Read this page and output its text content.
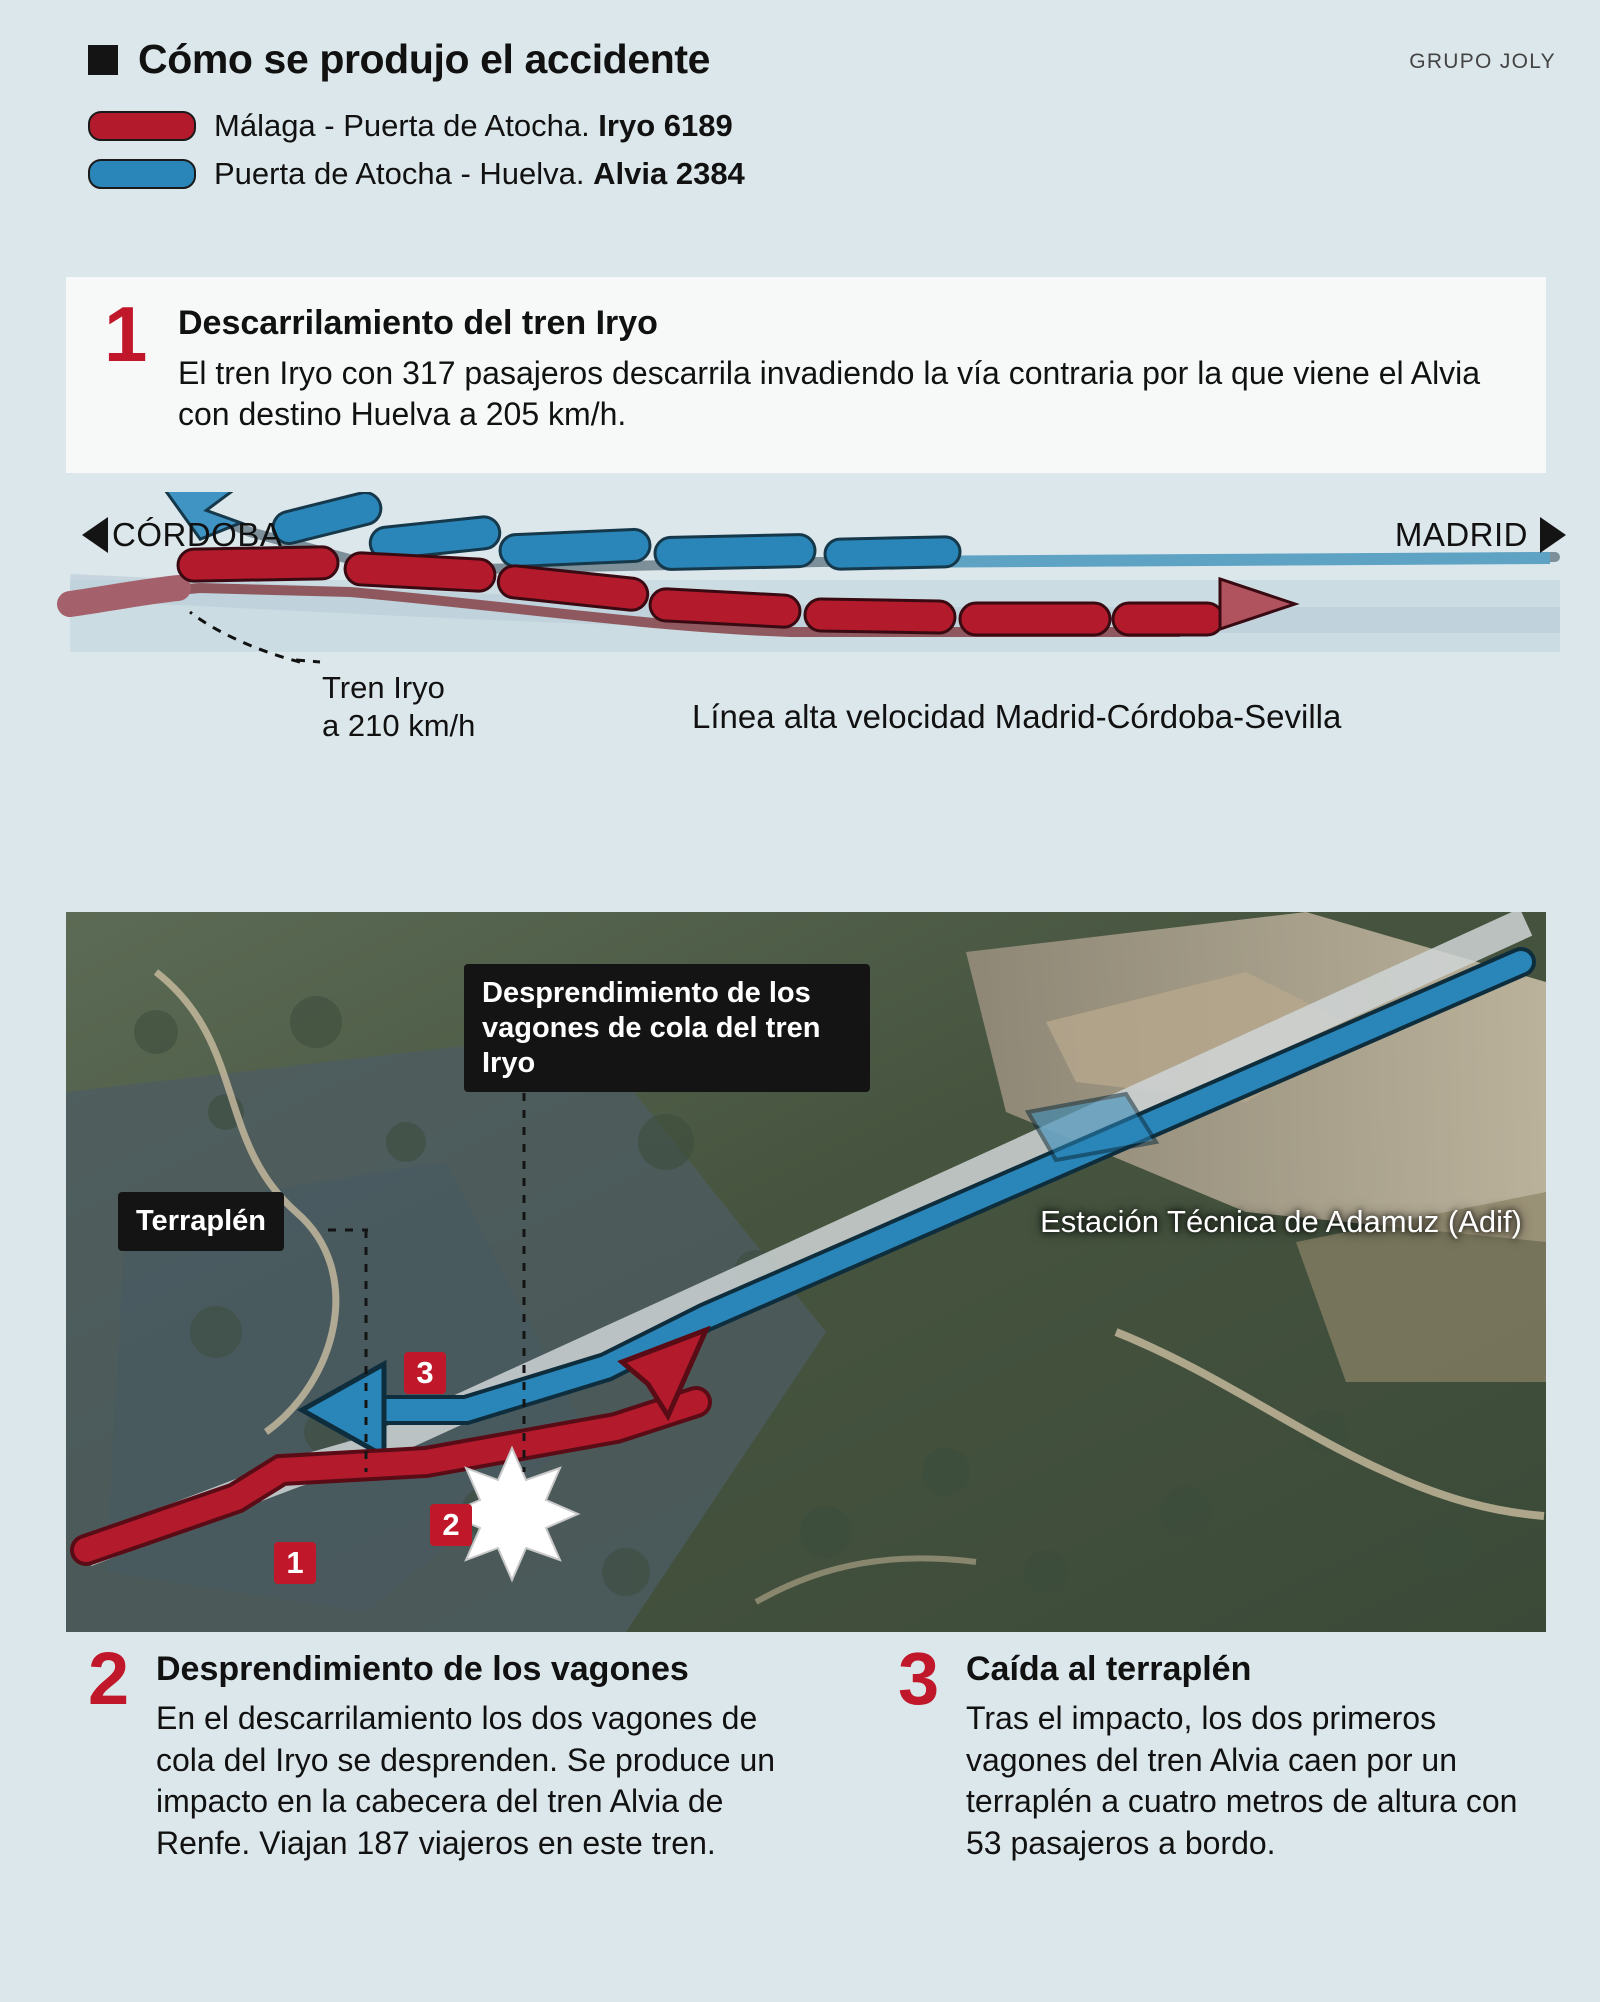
Cómo se produjo el accidente	GRUPO JOLY
Málaga - Puerta de Atocha. Iryo 6189
Puerta de Atocha - Huelva. Alvia 2384
1 Descarrilamiento del tren Iryo
El tren Iryo con 317 pasajeros descarrila invadiendo la vía contraria por la que viene el Alvia con destino Huelva a 205 km/h.
CÓRDOBA	MADRID
Tren Iryo
a 210 km/h	Línea alta velocidad Madrid-Córdoba-Sevilla
Desprendimiento de los vagones de cola del tren Iryo
Terraplén	Estación Técnica de Adamuz (Adif)
1
2
3
2 Desprendimiento de los vagones
En el descarrilamiento los dos vagones de cola del Iryo se desprenden. Se produce un impacto en la cabecera del tren Alvia de Renfe. Viajan 187 viajeros en este tren.
3 Caída al terraplén
Tras el impacto, los dos primeros vagones del tren Alvia caen por un terraplén a cuatro metros de altura con 53 pasajeros a bordo.
